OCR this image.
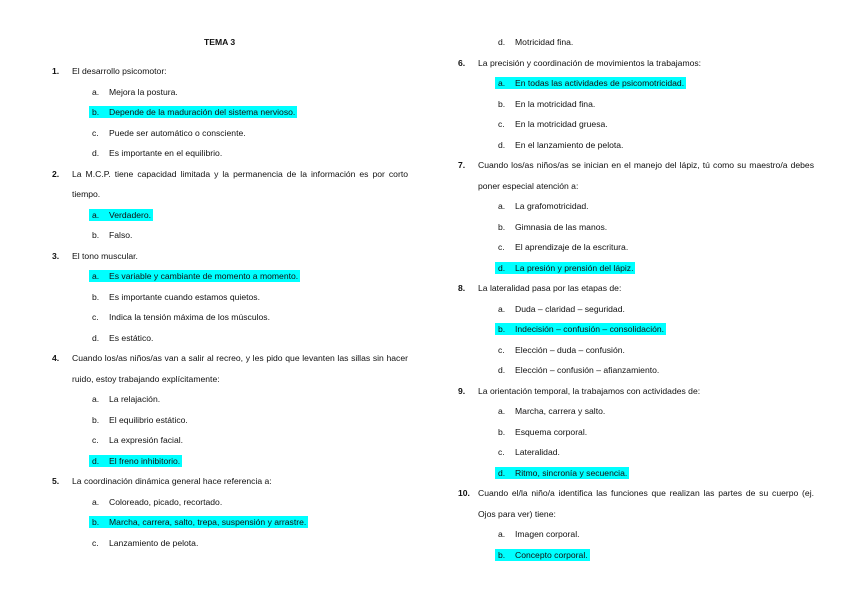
TEMA 3
1. El desarrollo psicomotor:
a. Mejora la postura.
b. Depende de la maduración del sistema nervioso.
c. Puede ser automático o consciente.
d. Es importante en el equilibrio.
2. La M.C.P. tiene capacidad limitada y la permanencia de la información es por corto tiempo.
a. Verdadero.
b. Falso.
3. El tono muscular.
a. Es variable y cambiante de momento a momento.
b. Es importante cuando estamos quietos.
c. Indica la tensión máxima de los músculos.
d. Es estático.
4. Cuando los/as niños/as van a salir al recreo, y les pido que levanten las sillas sin hacer ruido, estoy trabajando explícitamente:
a. La relajación.
b. El equilibrio estático.
c. La expresión facial.
d. El freno inhibitorio.
5. La coordinación dinámica general hace referencia a:
a. Coloreado, picado, recortado.
b. Marcha, carrera, salto, trepa, suspensión y arrastre.
c. Lanzamiento de pelota.
d. Motricidad fina.
6. La precisión y coordinación de movimientos la trabajamos:
a. En todas las actividades de psicomotricidad.
b. En la motricidad fina.
c. En la motricidad gruesa.
d. En el lanzamiento de pelota.
7. Cuando los/as niños/as se inician en el manejo del lápiz, tú como su maestro/a debes poner especial atención a:
a. La grafomotricidad.
b. Gimnasia de las manos.
c. El aprendizaje de la escritura.
d. La presión y prensión del lápiz.
8. La lateralidad pasa por las etapas de:
a. Duda – claridad – seguridad.
b. Indecisión – confusión – consolidación.
c. Elección – duda – confusión.
d. Elección – confusión – afianzamiento.
9. La orientación temporal, la trabajamos con actividades de:
a. Marcha, carrera y salto.
b. Esquema corporal.
c. Lateralidad.
d. Ritmo, sincronía y secuencia.
10. Cuando el/la niño/a identifica las funciones que realizan las partes de su cuerpo (ej. Ojos para ver) tiene:
a. Imagen corporal.
b. Concepto corporal.
